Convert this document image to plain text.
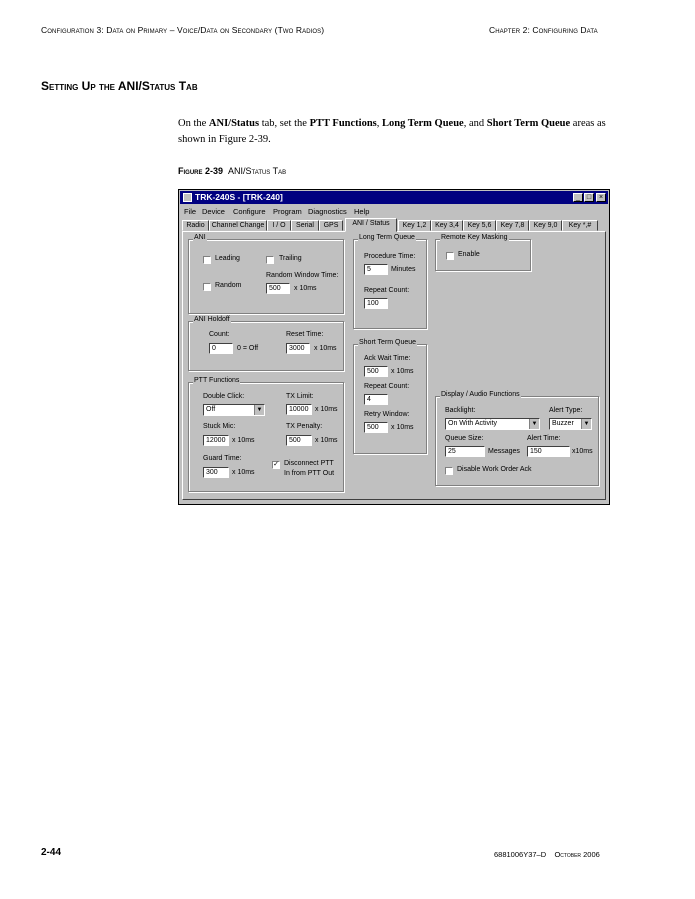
Configuration 3: Data on Primary – Voice/Data on Secondary (Two Radios)	Chapter 2: Configuring Data
Setting Up the ANI/Status Tab
On the ANI/Status tab, set the PTT Functions, Long Term Queue, and Short Term Queue areas as shown in Figure 2-39.
Figure 2-39 ANI/Status Tab
TRK-240S - [TRK-240]	_ □	×
File Device Configure Program Diagnostics Help
Radio	Channel Change	I / O	Serial	GPS	ANI / Status	Key 1,2	Key 3,4	Key 5,6	Key 7,8	Key 9,0	Key *,#
ANI
Leading	Trailing
Random Window Time:
Random	500	x 10ms
ANI Holdoff
Count:
0	0 = Off
Reset Time:
3000	x 10ms
PTT Functions
Double Click:
Off	▼
TX Limit:
10000 x 10ms
Stuck Mic:
12000 x 10ms
TX Penalty:
500	x 10ms
Guard Time:
300	x 10ms
✓ Disconnect PTT
In from PTT Out
Long Term Queue
Procedure Time:
5	Minutes
Repeat Count:
100
Short Term Queue
Ack Wait Time:
500	x 10ms
Repeat Count:
4
Retry Window:
500	x 10ms
Remote Key Masking
Enable
Display / Audio Functions
Backlight:
On With Activity	▼
Alert Type:
Buzzer	▼
Queue Size:
25	Messages
Alert Time:
150	x10ms
Disable Work Order Ack
2-44	6881006Y37–D    October 2006
